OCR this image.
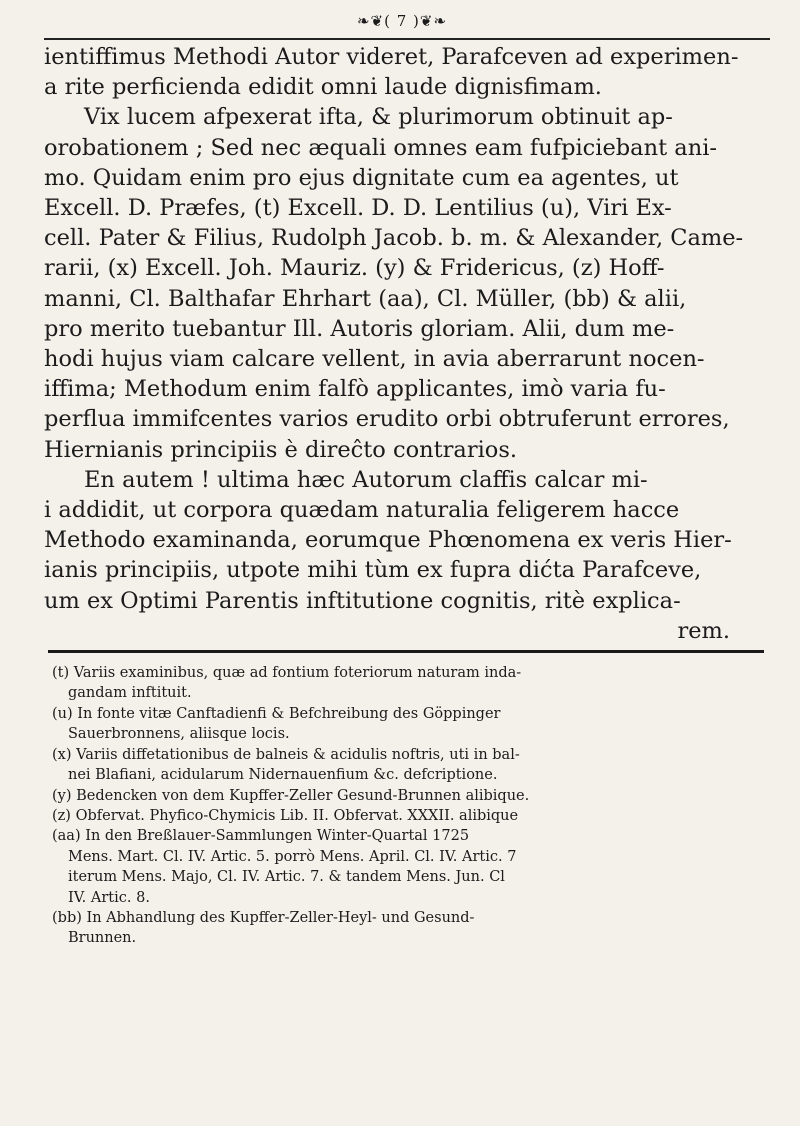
❧❦ ( 7 ) ❦❧

ientiffimus Methodi Autor videret, Parafceven ad experimen-

a rite perficienda edidit omni laude dignisfimam.

Vix lucem afpexerat ifta, & plurimorum obtinuit ap-

orobationem ; Sed nec æquali omnes eam fufpiciebant ani-

mo. Quidam enim pro ejus dignitate cum ea agentes, ut

Excell. D. Præfes, (t) Excell. D. D. Lentilius (u), Viri Ex-

cell. Pater & Filius, Rudolph Jacob. b. m. & Alexander, Came-

rarii, (x) Excell. Joh. Mauriz. (y) & Fridericus, (z) Hoff-

manni, Cl. Balthafar Ehrhart (aa), Cl. Müller, (bb) & alii,

pro merito tuebantur Ill. Autoris gloriam. Alii, dum me-

hodi hujus viam calcare vellent, in avia aberrarunt nocen-

iffima; Methodum enim falfò applicantes, imò varia fu-

perflua immifcentes varios erudito orbi obtruferunt errores,

Hiernianis principiis è direĉto contrarios.

En autem ! ultima hæc Autorum claffis calcar mi-

i addidit, ut corpora quædam naturalia feligerem hacce

Methodo examinanda, eorumque Phœnomena ex veris Hier-

ianis principiis, utpote mihi tùm ex fupra dićta Parafceve,

um ex Optimi Parentis inftitutione cognitis, ritè explica-

rem.

(t) Variis examinibus, quæ ad fontium foteriorum naturam inda-

gandam inftituit.

(u) In fonte vitæ Canftadienfi & Befchreibung des Göppinger

Sauerbronnens, aliisque locis.

(x) Variis diffetationibus de balneis & acidulis noftris, uti in bal-

nei Blafiani, acidularum Nidernauenfium &c. defcriptione.

(y) Bedencken von dem Kupffer-Zeller Gesund-Brunnen alibique.

(z) Obfervat. Phyfico-Chymicis Lib. II. Obfervat. XXXII. alibique

(aa) In den Breßlauer-Sammlungen Winter-Quartal 1725

Mens. Mart. Cl. IV. Artic. 5. porrò Mens. April. Cl. IV. Artic. 7

iterum Mens. Majo, Cl. IV. Artic. 7. & tandem Mens. Jun. Cl

IV. Artic. 8.

(bb) In Abhandlung des Kupffer-Zeller-Heyl- und Gesund-

Brunnen.
